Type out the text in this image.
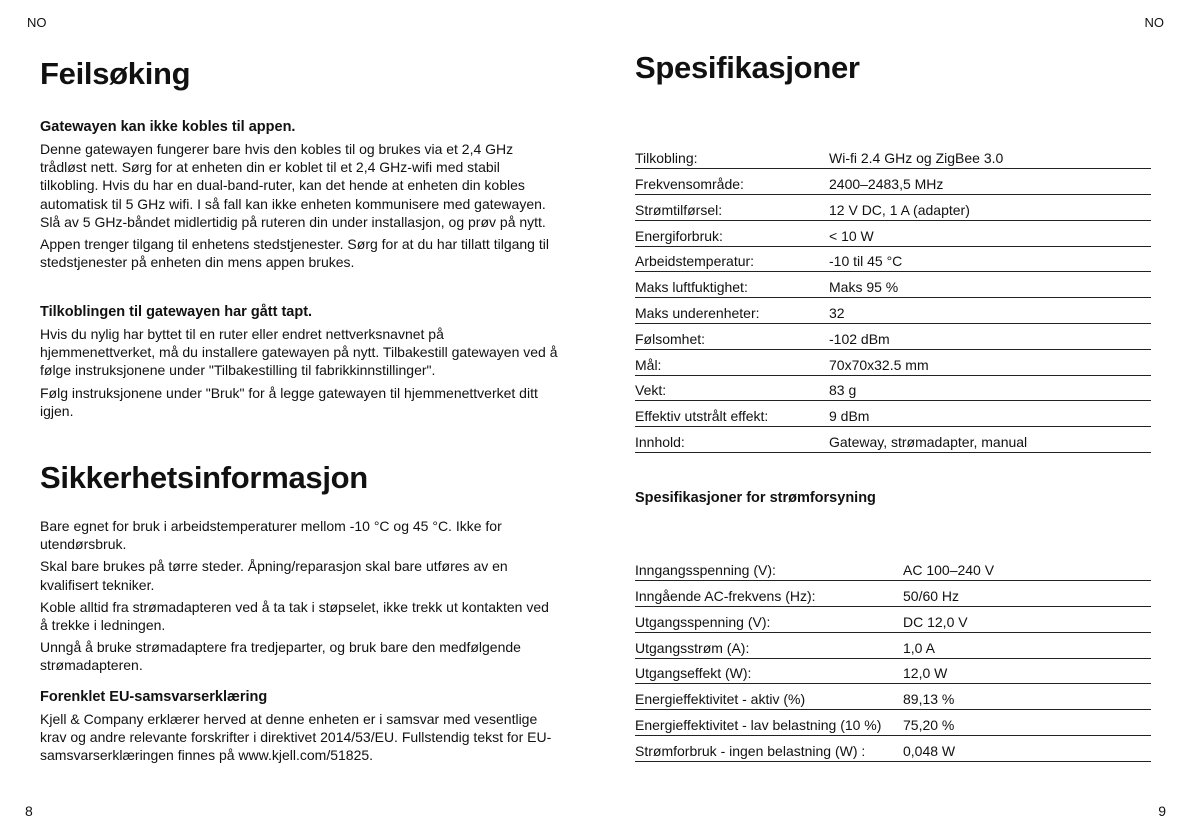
NO
Feilsøking
Gatewayen kan ikke kobles til appen.

Denne gatewayen fungerer bare hvis den kobles til og brukes via et 2,4 GHz trådløst nett. Sørg for at enheten din er koblet til et 2,4 GHz-wifi med stabil tilkobling. Hvis du har en dual-band-ruter, kan det hende at enheten din kobles automatisk til 5 GHz wifi. I så fall kan ikke enheten kommunisere med gatewayen. Slå av 5 GHz-båndet midlertidig på ruteren din under installasjon, og prøv på nytt.

Appen trenger tilgang til enhetens stedstjenester. Sørg for at du har tillatt tilgang til stedstjenester på enheten din mens appen brukes.

Tilkoblingen til gatewayen har gått tapt.

Hvis du nylig har byttet til en ruter eller endret nettverksnavnet på hjemmenettverket, må du installere gatewayen på nytt. Tilbakestill gatewayen ved å følge instruksjonene under "Tilbakestilling til fabrikkinnstillinger".

Følg instruksjonene under "Bruk" for å legge gatewayen til hjemmenettverket ditt igjen.

Sikkerhetsinformasjon

Bare egnet for bruk i arbeidstemperaturer mellom -10 °C og 45 °C. Ikke for utendørsbruk.

Skal bare brukes på tørre steder. Åpning/reparasjon skal bare utføres av en kvalifisert tekniker.

Koble alltid fra strømadapteren ved å ta tak i støpselet, ikke trekk ut kontakten ved å trekke i ledningen.

Unngå å bruke strømadaptere fra tredjeparter, og bruk bare den medfølgende strømadapteren.

Forenklet EU-samsvarserklæring

Kjell & Company erklærer herved at denne enheten er i samsvar med vesentlige krav og andre relevante forskrifter i direktivet 2014/53/EU. Fullstendig tekst for EU-samsvarserklæringen finnes på www.kjell.com/51825.

8
NO
Spesifikasjoner
Tilkobling:	Wi-fi 2.4 GHz og ZigBee 3.0
Frekvensområde:	2400–2483,5 MHz
Strømtilførsel:	12 V DC, 1 A (adapter)
Energiforbruk:	< 10 W
Arbeidstemperatur:	-10 til 45 °C
Maks luftfuktighet:	Maks 95 %
Maks underenheter:	32
Følsomhet:	-102 dBm
Mål:	70x70x32.5 mm
Vekt:	83 g
Effektiv utstrålt effekt:	9 dBm
Innhold:	Gateway, strømadapter, manual
Spesifikasjoner for strømforsyning
Inngangsspenning (V):	AC 100–240 V
Inngående AC-frekvens (Hz):	50/60 Hz
Utgangsspenning (V):	DC 12,0 V
Utgangsstrøm (A):	1,0 A
Utgangseffekt (W):	12,0 W
Energieffektivitet - aktiv (%)	89,13 %
Energieffektivitet - lav belastning (10 %)	75,20 %
Strømforbruk - ingen belastning (W) :	0,048 W
9
